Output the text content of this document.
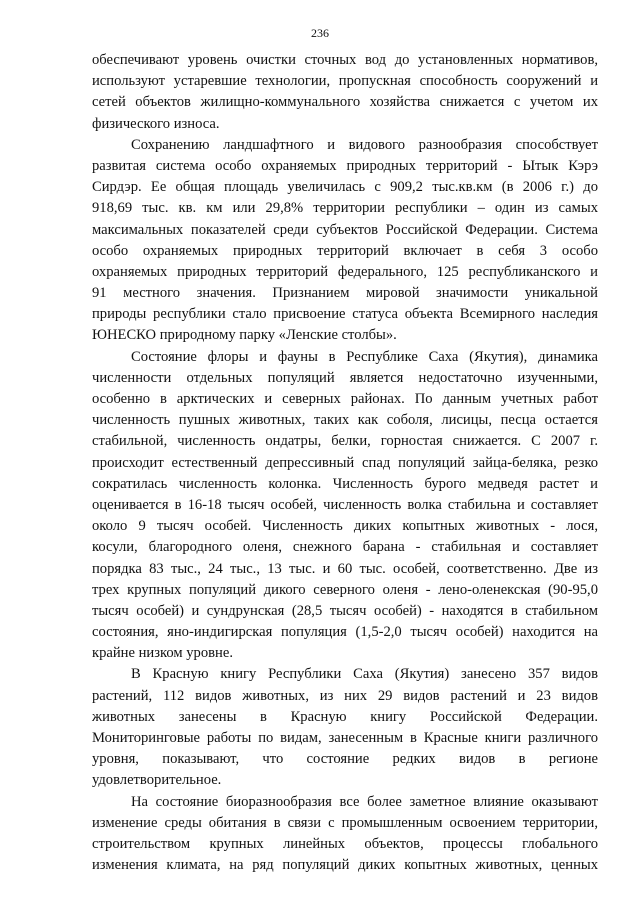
236
обеспечивают уровень очистки сточных вод до установленных нормативов,
используют устаревшие технологии, пропускная способность сооружений и
сетей объектов жилищно-коммунального хозяйства снижается с учетом их
физического износа.
Сохранению ландшафтного и видового разнообразия способствует
развитая система особо охраняемых природных территорий - Ытык Кэрэ
Сирдэр. Ее общая площадь увеличилась с 909,2 тыс.кв.км (в 2006 г.) до
918,69 тыс. кв. км или 29,8% территории республики – один из самых
максимальных показателей среди субъектов Российской Федерации. Система
особо охраняемых природных территорий включает в себя 3 особо
охраняемых природных территорий федерального, 125 республиканского и
91 местного значения. Признанием мировой значимости уникальной
природы республики стало присвоение статуса объекта Всемирного наследия
ЮНЕСКО природному парку «Ленские столбы».
Состояние флоры и фауны в Республике Саха (Якутия), динамика
численности отдельных популяций является недостаточно изученными,
особенно в арктических и северных районах. По данным учетных работ
численность пушных животных, таких как соболя, лисицы, песца остается
стабильной, численность ондатры, белки, горностая снижается. С 2007 г.
происходит естественный депрессивный спад популяций зайца-беляка, резко
сократилась численность колонка. Численность бурого медведя растет и
оценивается в 16-18 тысяч особей, численность волка стабильна и составляет
около 9 тысяч особей. Численность диких копытных животных - лося,
косули, благородного оленя, снежного барана - стабильная и составляет
порядка 83 тыс., 24 тыс., 13 тыс. и 60 тыс. особей, соответственно. Две из
трех крупных популяций дикого северного оленя - лено-оленекская (90-95,0
тысяч особей) и сундрунская (28,5 тысяч особей) - находятся в стабильном
состояния, яно-индигирская популяция (1,5-2,0 тысяч особей) находится на
крайне низком уровне.
В Красную книгу Республики Саха (Якутия) занесено 357 видов
растений, 112 видов животных, из них 29 видов растений и 23 видов
животных занесены в Красную книгу Российской Федерации.
Мониторинговые работы по видам, занесенным в Красные книги различного
уровня, показывают, что состояние редких видов в регионе
удовлетворительное.
На состояние биоразнообразия все более заметное влияние оказывают
изменение среды обитания в связи с промышленным освоением территории,
строительством крупных линейных объектов, процессы глобального
изменения климата, на ряд популяций диких копытных животных, ценных
